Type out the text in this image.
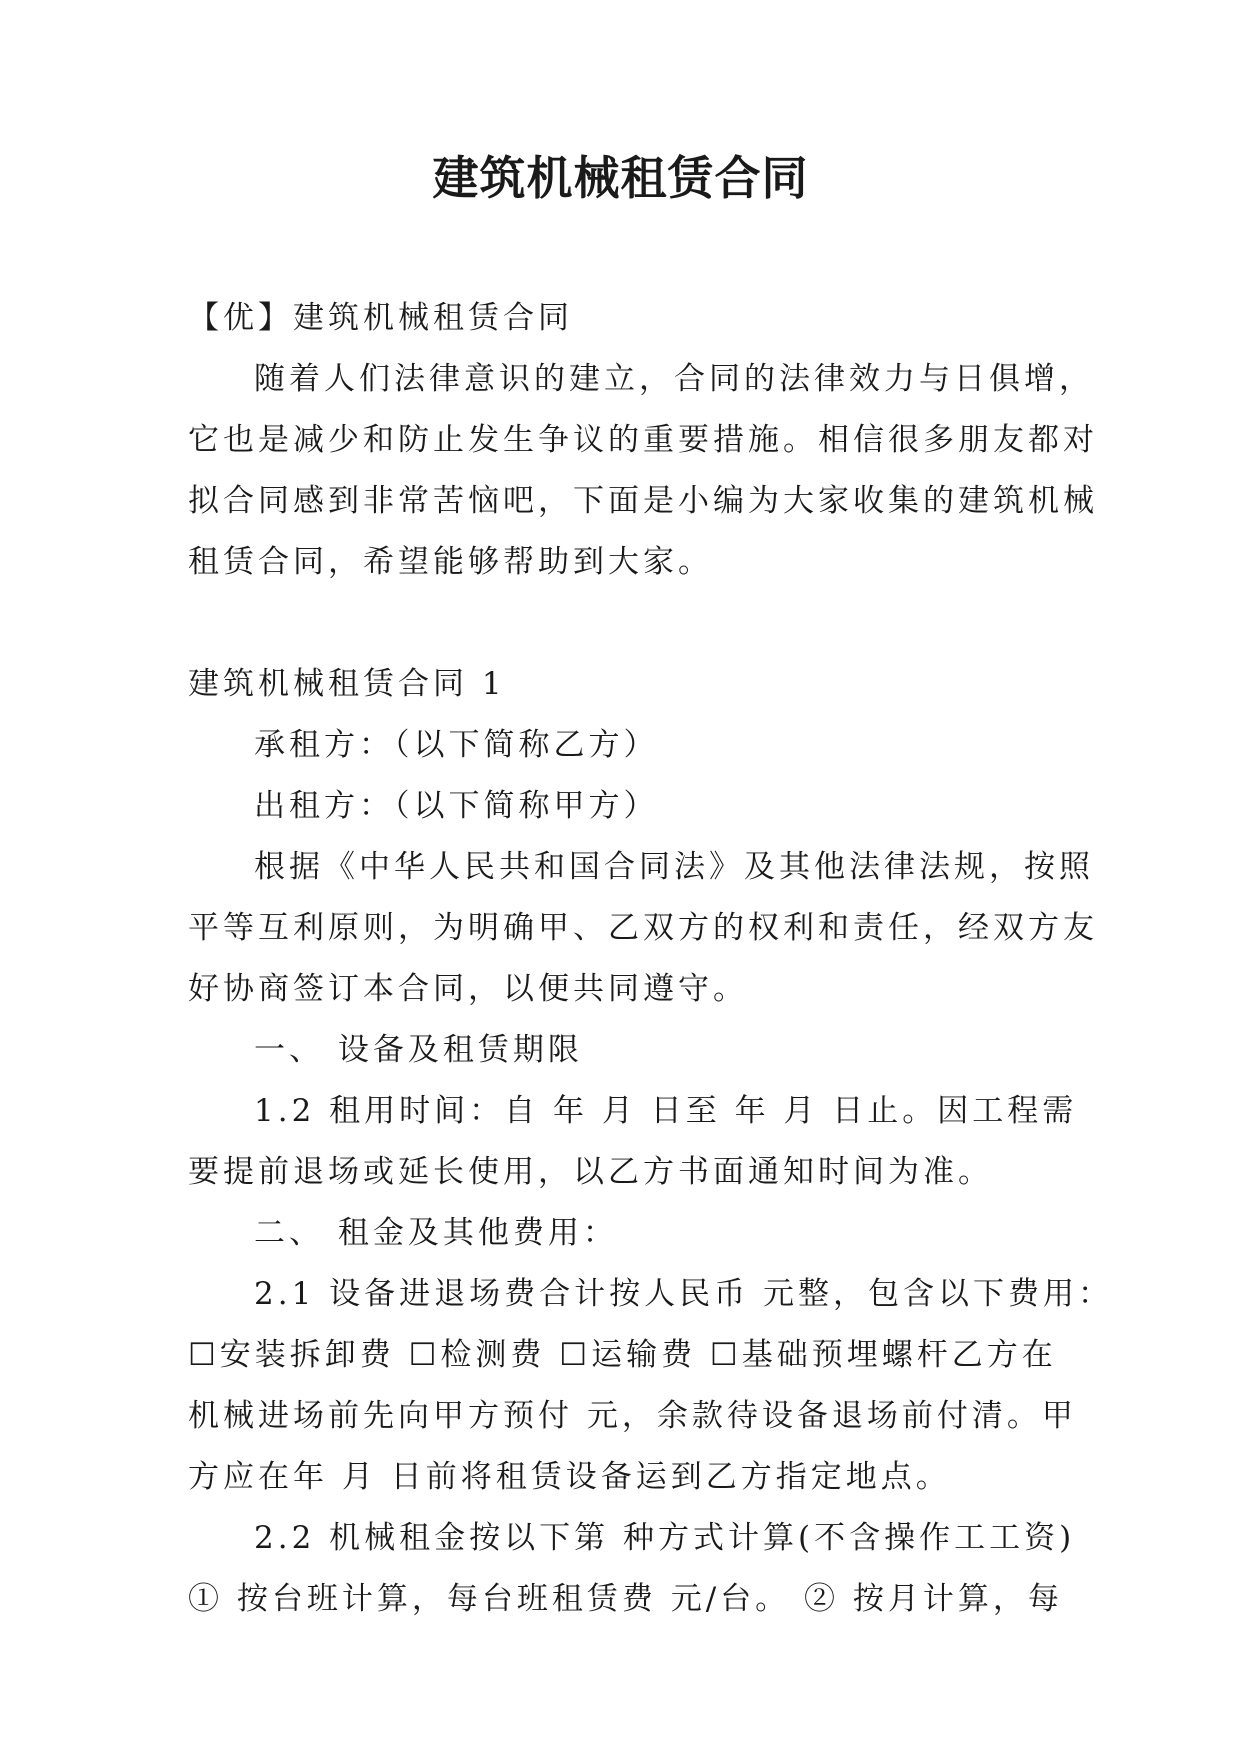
建筑机械租赁合同
【优】建筑机械租赁合同
随着人们法律意识的建立，合同的法律效力与日俱增，
它也是减少和防止发生争议的重要措施。相信很多朋友都对
拟合同感到非常苦恼吧，下面是小编为大家收集的建筑机械
租赁合同，希望能够帮助到大家。
建筑机械租赁合同 1
承租方：（以下简称乙方）
出租方：（以下简称甲方）
根据《中华人民共和国合同法》及其他法律法规，按照
平等互利原则，为明确甲、乙双方的权利和责任，经双方友
好协商签订本合同，以便共同遵守。
一、 设备及租赁期限
1.2 租用时间：自 年 月 日至 年 月 日止。因工程需
要提前退场或延长使用，以乙方书面通知时间为准。
二、 租金及其他费用：
2.1 设备进退场费合计按人民币 元整，包含以下费用：
☐安装拆卸费 ☐检测费 ☐运输费 ☐基础预埋螺杆乙方在
机械进场前先向甲方预付 元，余款待设备退场前付清。甲
方应在年 月 日前将租赁设备运到乙方指定地点。
2.2 机械租金按以下第 种方式计算(不含操作工工资)
① 按台班计算，每台班租赁费 元/台。 ② 按月计算，每
